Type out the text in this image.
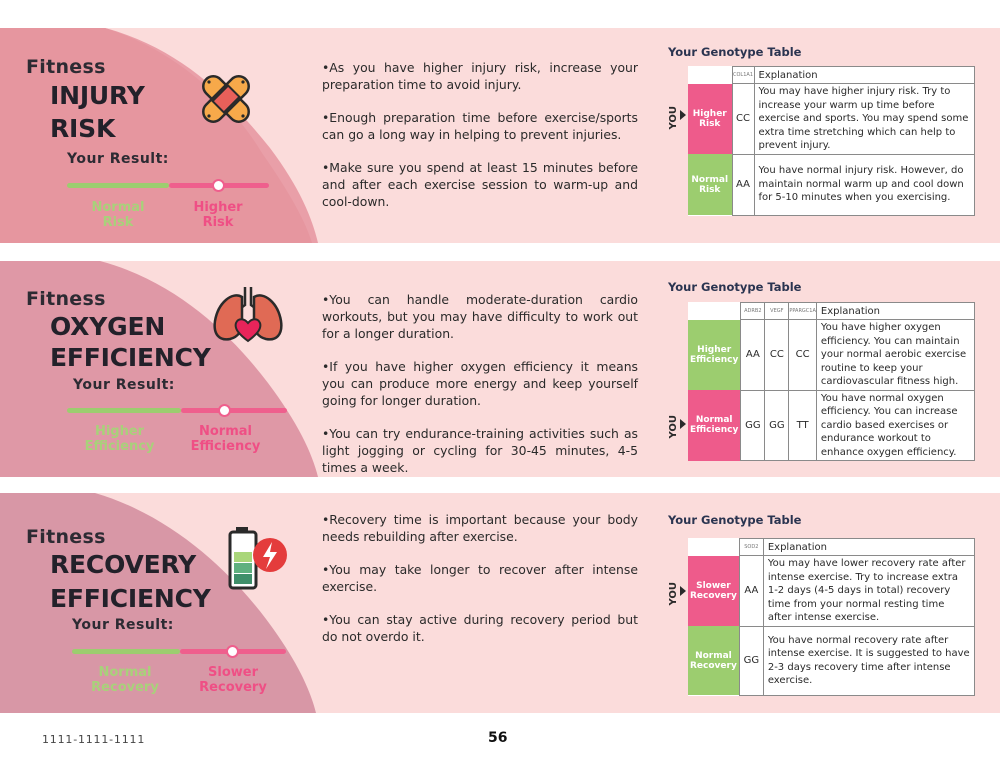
Fitness
INJURY
RISK
Your Result:
Normal
Risk
Higher
Risk

•As you have higher injury risk, increase your preparation time to avoid injury.

•Enough preparation time before exercise/sports can go a long way in helping to prevent injuries.

•Make sure you spend at least 15 minutes before and after each exercise session to warm-up and cool-down.

Your Genotype Table
YOU
	COL1A1	Explanation

Higher
Risk	CC	You may have higher injury risk. Try to increase your warm up time before exercise and sports. You may spend some extra time stretching which can help to prevent injury.

Normal
Risk	AA	You have normal injury risk. However, do maintain normal warm up and cool down for 5-10 minutes when you exercising.
Fitness
OXYGEN
EFFICIENCY
Your Result:
Higher
Efficiency
Normal
Efficiency

•You can handle moderate-duration cardio workouts, but you may have difficulty to work out for a longer duration.

•If you have higher oxygen efficiency it means you can produce more energy and keep yourself going for longer duration.

•You can try endurance-training activities such as light jogging or cycling for 30-45 minutes, 4-5 times a week.

Your Genotype Table
YOU
	ADRB2	VEGF	PPARGC1A	Explanation

Higher
Efficiency	AA	CC	CC	You have higher oxygen efficiency. You can maintain your normal aerobic exercise routine to keep your cardiovascular fitness high.

Normal
Efficiency	GG	GG	TT	You have normal oxygen efficiency. You can increase cardio based exercises or endurance workout to enhance oxygen efficiency.
Fitness
RECOVERY
EFFICIENCY
Your Result:
Normal
Recovery
Slower
Recovery

•Recovery time is important because your body needs rebuilding after exercise.

•You may take longer to recover after intense exercise.

•You can stay active during recovery period but do not overdo it.

Your Genotype Table
YOU
	SOD2	Explanation

Slower
Recovery	AA	You may have lower recovery rate after intense exercise. Try to increase extra 1-2 days (4-5 days in total) recovery time from your normal resting time after intense exercise.

Normal
Recovery	GG	You have normal recovery rate after intense exercise. It is suggested to have 2-3 days recovery time after intense exercise.
1111-1111-1111	56
